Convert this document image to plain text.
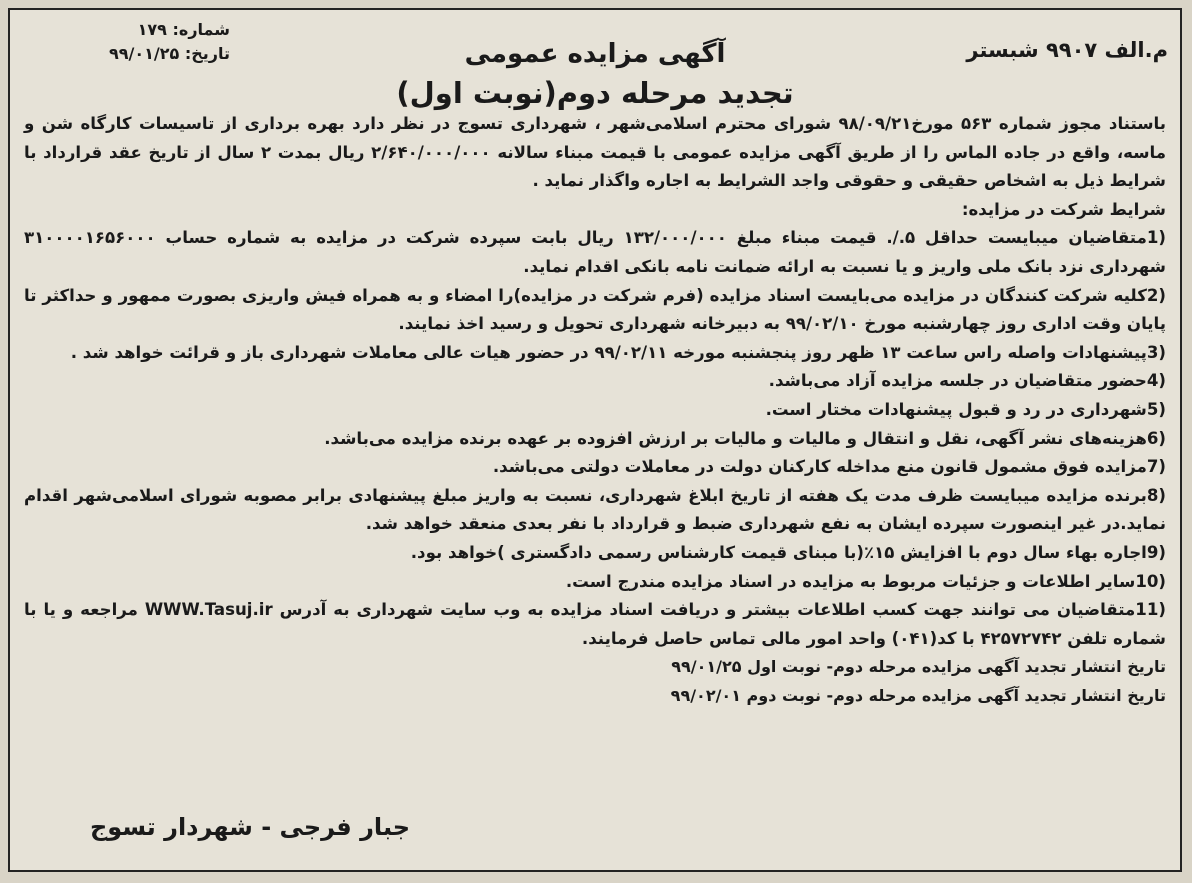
م.الف ۹۹۰۷ شبستر
آگهی مزایده عمومی
تجدید مرحله دوم(نوبت اول)
شماره: ۱۷۹
تاریخ: ۹۹/۰۱/۲۵

باستناد مجوز شماره ۵۶۳ مورخ۹۸/۰۹/۲۱ شورای محترم اسلامی‌شهر ، شهرداری تسوج در نظر دارد بهره برداری از تاسیسات کارگاه شن و ماسه، واقع در جاده الماس را از طریق آگهی مزایده عمومی با قیمت مبناء سالانه ۲/۶۴۰/۰۰۰/۰۰۰ ریال بمدت ۲ سال از تاریخ عقد قرارداد با شرایط ذیل به اشخاص حقیقی و حقوقی واجد الشرایط به اجاره واگذار نماید .

شرایط شرکت در مزایده:

(1متقاضیان میبایست حداقل ۵./. قیمت مبناء مبلغ ۱۳۲/۰۰۰/۰۰۰ ریال بابت سپرده شرکت در مزایده به شماره حساب ۳۱۰۰۰۰۱۶۵۶۰۰۰ شهرداری نزد بانک ملی واریز و یا نسبت به ارائه ضمانت نامه بانکی اقدام نماید.

(2کلیه شرکت کنندگان در مزایده می‌بایست اسناد مزایده (فرم شرکت در مزایده)را امضاء و به همراه فیش واریزی بصورت ممهور و حداکثر تا پایان وقت اداری روز چهارشنبه مورخ ۹۹/۰۲/۱۰ به دبیرخانه شهرداری تحویل و رسید اخذ نمایند.

(3پیشنهادات واصله راس ساعت ۱۳ ظهر روز پنجشنبه مورخه ۹۹/۰۲/۱۱ در حضور هیات عالی معاملات شهرداری باز و قرائت خواهد شد .

(4حضور متقاضیان در جلسه مزایده آزاد می‌باشد.

(5شهرداری در رد و قبول پیشنهادات مختار است.

(6هزینه‌های نشر آگهی، نقل و انتقال و مالیات و مالیات بر ارزش افزوده بر عهده برنده مزایده می‌باشد.

(7مزایده فوق مشمول قانون منع مداخله کارکنان دولت در معاملات دولتی می‌باشد.

(8برنده مزایده میبایست ظرف مدت یک هفته از تاریخ ابلاغ شهرداری، نسبت به واریز مبلغ پیشنهادی برابر مصوبه شورای اسلامی‌شهر اقدام نماید.در غیر اینصورت سپرده ایشان به نفع شهرداری ضبط و قرارداد با نفر بعدی منعقد خواهد شد.

(9اجاره بهاء سال دوم با افزایش ۱۵٪(با مبنای قیمت کارشناس رسمی دادگستری )خواهد بود.

(10سایر اطلاعات و جزئیات مربوط به مزایده در اسناد مزایده مندرج است.

(11متقاضیان می توانند جهت کسب اطلاعات بیشتر و دریافت اسناد مزایده به وب سایت شهرداری به آدرس WWW.Tasuj.ir مراجعه و یا با شماره تلفن ۴۲۵۷۲۷۴۲ با کد(۰۴۱) واحد امور مالی تماس حاصل فرمایند.

تاریخ انتشار تجدید آگهی مزایده مرحله دوم- نوبت اول ۹۹/۰۱/۲۵

تاریخ انتشار تجدید آگهی مزایده مرحله دوم- نوبت دوم ۹۹/۰۲/۰۱

جبار فرجی - شهردار تسوج
